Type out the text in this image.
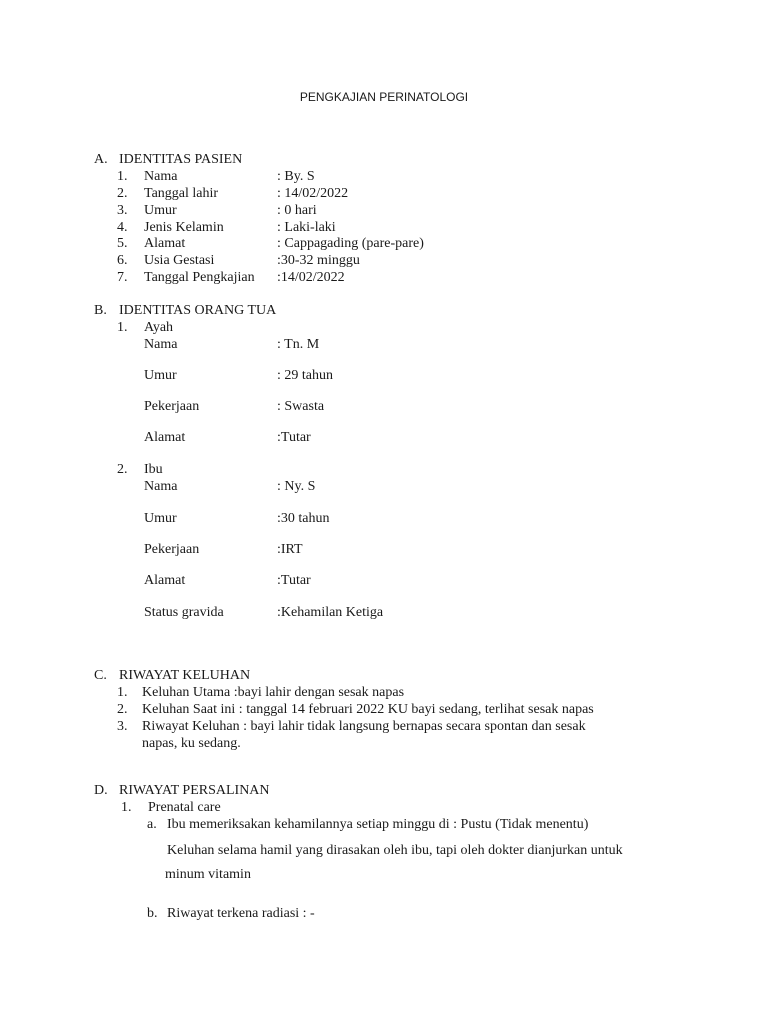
PENGKAJIAN PERINATOLOGI
A. IDENTITAS PASIEN
1. Nama	: By. S
2. Tanggal lahir	: 14/02/2022
3. Umur	: 0 hari
4. Jenis Kelamin	: Laki-laki
5. Alamat	: Cappagading (pare-pare)
6. Usia Gestasi	:30-32 minggu
7. Tanggal Pengkajian :14/02/2022
B. IDENTITAS ORANG TUA
1. Ayah
Nama	: Tn. M
Umur	: 29 tahun
Pekerjaan	: Swasta
Alamat	:Tutar
2. Ibu
Nama	: Ny. S
Umur	:30 tahun
Pekerjaan	:IRT
Alamat	:Tutar
Status gravida	:Kehamilan Ketiga
C. RIWAYAT KELUHAN
1. Keluhan Utama :bayi lahir dengan sesak napas
2. Keluhan Saat ini : tanggal 14 februari 2022 KU bayi sedang, terlihat sesak napas
3. Riwayat Keluhan : bayi lahir tidak langsung bernapas secara spontan dan sesak
napas, ku sedang.
D. RIWAYAT PERSALINAN
1. Prenatal care
a. Ibu memeriksakan kehamilannya setiap minggu di : Pustu (Tidak menentu)
Keluhan selama hamil yang dirasakan oleh ibu, tapi oleh dokter dianjurkan untuk
minum vitamin
b. Riwayat terkena radiasi : -
